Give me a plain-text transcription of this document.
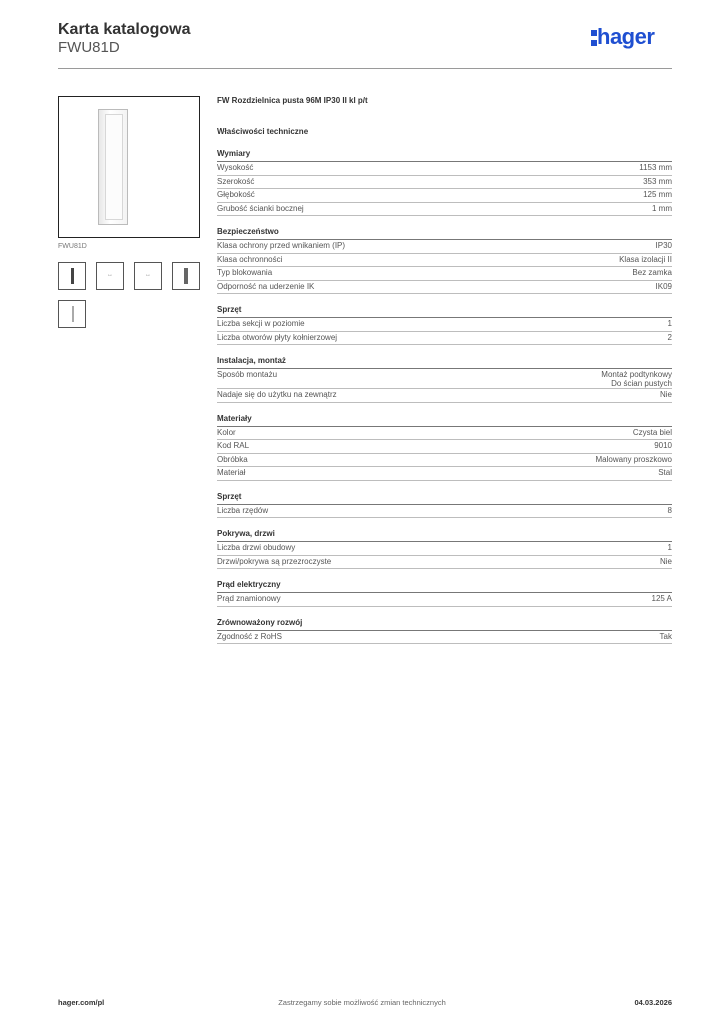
Karta katalogowa
FWU81D	hager
FWU81D
↔	↔
FW Rozdzielnica pusta 96M IP30 II kl p/t
Właściwości techniczne
Wymiary
Wysokość	1153 mm
Szerokość	353 mm
Głębokość	125 mm
Grubość ścianki bocznej	1 mm
Bezpieczeństwo
Klasa ochrony przed wnikaniem (IP)	IP30
Klasa ochronności	Klasa izolacji II
Typ blokowania	Bez zamka
Odporność na uderzenie IK	IK09
Sprzęt
Liczba sekcji w poziomie	1
Liczba otworów płyty kołnierzowej	2
Instalacja, montaż
Sposób montażu	Montaż podtynkowy
Do ścian pustych
Nadaje się do użytku na zewnątrz	Nie
Materiały
Kolor	Czysta biel
Kod RAL	9010
Obróbka	Malowany proszkowo
Materiał	Stal
Sprzęt
Liczba rzędów	8
Pokrywa, drzwi
Liczba drzwi obudowy	1
Drzwi/pokrywa są przezroczyste	Nie
Prąd elektryczny
Prąd znamionowy	125 A
Zrównoważony rozwój
Zgodność z RoHS	Tak
hager.com/pl	Zastrzegamy sobie możliwość zmian technicznych	04.03.2026
